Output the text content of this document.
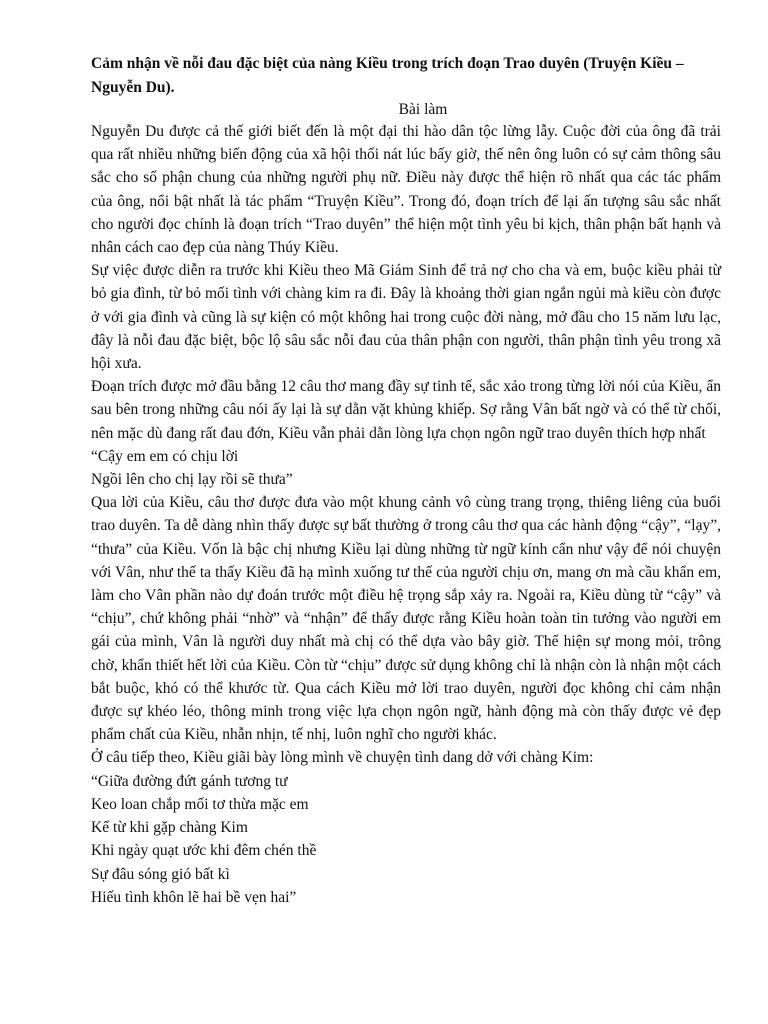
Cảm nhận về nỗi đau đặc biệt của nàng Kiều trong trích đoạn Trao duyên (Truyện Kiều – Nguyễn Du).

Bài làm

Nguyễn Du được cả thế giới biết đến là một đại thi hào dân tộc lừng lẫy. Cuộc đời của ông đã trải qua rất nhiều những biến động của xã hội thối nát lúc bấy giờ, thế nên ông luôn có sự cảm thông sâu sắc cho số phận chung của những người phụ nữ. Điều này được thể hiện rõ nhất qua các tác phẩm của ông, nổi bật nhất là tác phẩm “Truyện Kiều”. Trong đó, đoạn trích để lại ấn tượng sâu sắc nhất cho người đọc chính là đoạn trích “Trao duyên” thể hiện một tình yêu bi kịch, thân phận bất hạnh và nhân cách cao đẹp của nàng Thúy Kiều.

Sự việc được diễn ra trước khi Kiều theo Mã Giám Sinh để trả nợ cho cha và em, buộc kiều phải từ bỏ gia đình, từ bỏ mối tình với chàng kim ra đi. Đây là khoảng thời gian ngắn ngủi mà kiều còn được ở với gia đình và cũng là sự kiện có một không hai trong cuộc đời nàng, mở đầu cho 15 năm lưu lạc, đây là nỗi đau đặc biệt, bộc lộ sâu sắc nỗi đau của thân phận con người, thân phận tình yêu trong xã hội xưa.

Đoạn trích được mở đầu bằng 12 câu thơ mang đầy sự tinh tế, sắc xảo trong từng lời nói của Kiều, ẩn sau bên trong những câu nói ấy lại là sự dằn vặt khủng khiếp. Sợ rằng Vân bất ngờ và có thể từ chối, nên mặc dù đang rất đau đớn, Kiều vẫn phải dằn lòng lựa chọn ngôn ngữ trao duyên thích hợp nhất

“Cậy em em có chịu lời

Ngồi lên cho chị lạy rồi sẽ thưa”

Qua lời của Kiều, câu thơ được đưa vào một khung cảnh vô cùng trang trọng, thiêng liêng của buổi trao duyên. Ta dễ dàng nhìn thấy được sự bất thường ở trong câu thơ qua các hành động “cậy”, “lạy”, “thưa” của Kiều. Vốn là bậc chị nhưng Kiều lại dùng những từ ngữ kính cẩn như vậy để nói chuyện với Vân, như thế ta thấy Kiều đã hạ mình xuống tư thế của người chịu ơn, mang ơn mà cầu khẩn em, làm cho Vân phần nào dự đoán trước một điều hệ trọng sắp xảy ra. Ngoài ra, Kiều dùng từ “cậy” và “chịu”, chứ không phải “nhờ” và “nhận” để thấy được rằng Kiều hoàn toàn tin tưởng vào người em gái của mình, Vân là người duy nhất mà chị có thể dựa vào bây giờ. Thể hiện sự mong mỏi, trông chờ, khẩn thiết hết lời của Kiều. Còn từ “chịu” được sử dụng không chỉ là nhận còn là nhận một cách bắt buộc, khó có thể khước từ. Qua cách Kiều mở lời trao duyên, người đọc không chỉ cảm nhận được sự khéo léo, thông minh trong việc lựa chọn ngôn ngữ, hành động mà còn thấy được vẻ đẹp phẩm chất của Kiều, nhẫn nhịn, tế nhị, luôn nghĩ cho người khác.

Ở câu tiếp theo, Kiều giãi bày lòng mình về chuyện tình dang dở với chàng Kim:

“Giữa đường đứt gánh tương tư

Keo loan chắp mối tơ thừa mặc em

Kể từ khi gặp chàng Kim

Khi ngày quạt ước khi đêm chén thề

Sự đâu sóng gió bất kì

Hiếu tình khôn lẽ hai bề vẹn hai”
